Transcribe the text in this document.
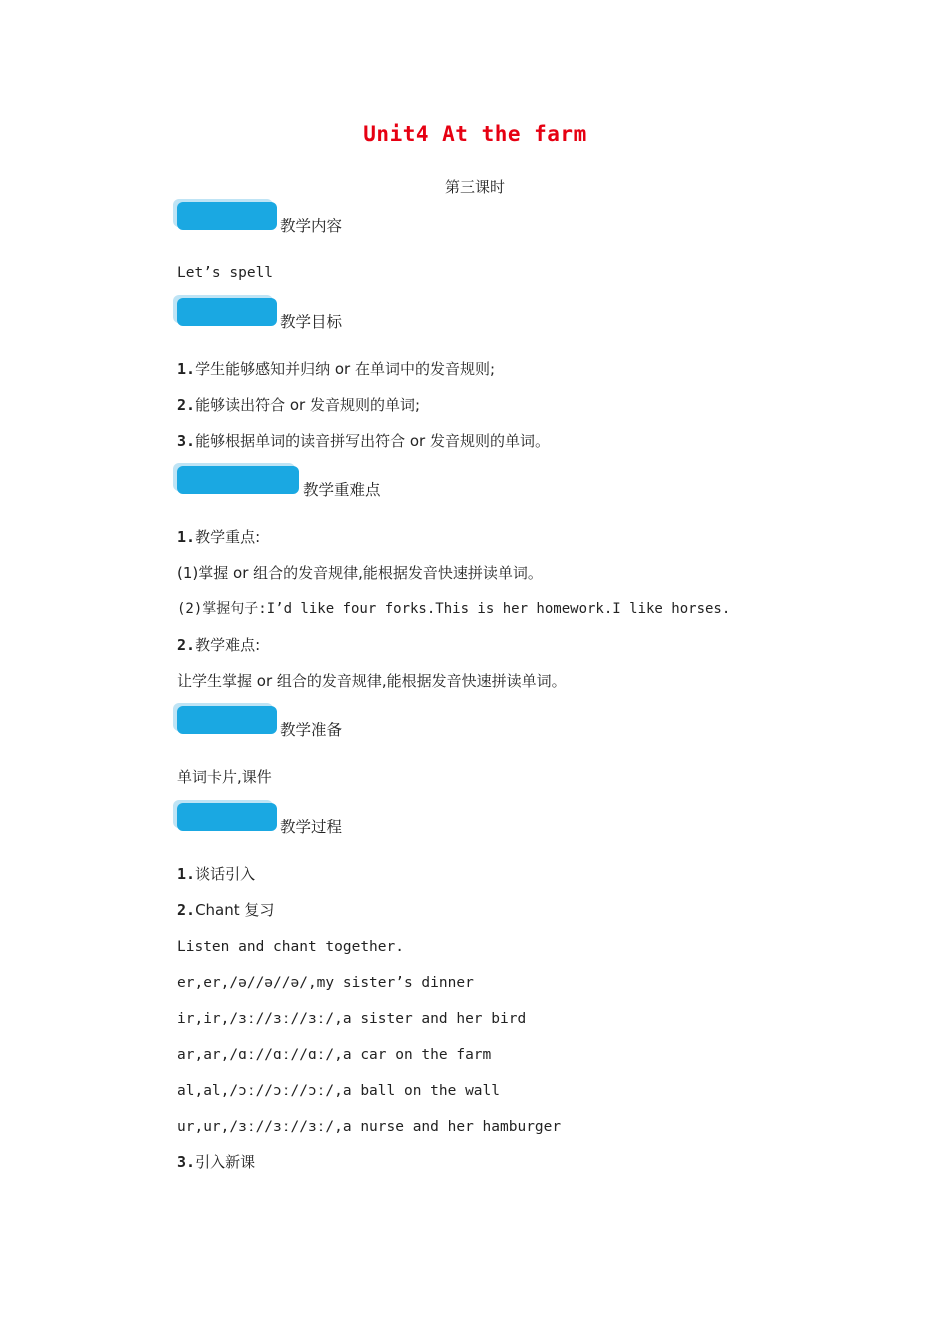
Unit4 At the farm
第三课时
教学内容
Let’s spell
教学目标
1.学生能够感知并归纳 or 在单词中的发音规则;
2.能够读出符合 or 发音规则的单词;
3.能够根据单词的读音拼写出符合 or 发音规则的单词。
教学重难点
1.教学重点:
(1)掌握 or 组合的发音规律,能根据发音快速拼读单词。
(2)掌握句子:I’d like four forks.This is her homework.I like horses.
2.教学难点:
让学生掌握 or 组合的发音规律,能根据发音快速拼读单词。
教学准备
单词卡片,课件
教学过程
1.谈话引入
2.Chant 复习
Listen and chant together.
er,er,/ə//ə//ə/,my sister’s dinner
ir,ir,/ɜː//ɜː//ɜː/,a sister and her bird
ar,ar,/ɑː//ɑː//ɑː/,a car on the farm
al,al,/ɔː//ɔː//ɔː/,a ball on the wall
ur,ur,/ɜː//ɜː//ɜː/,a nurse and her hamburger
3.引入新课
